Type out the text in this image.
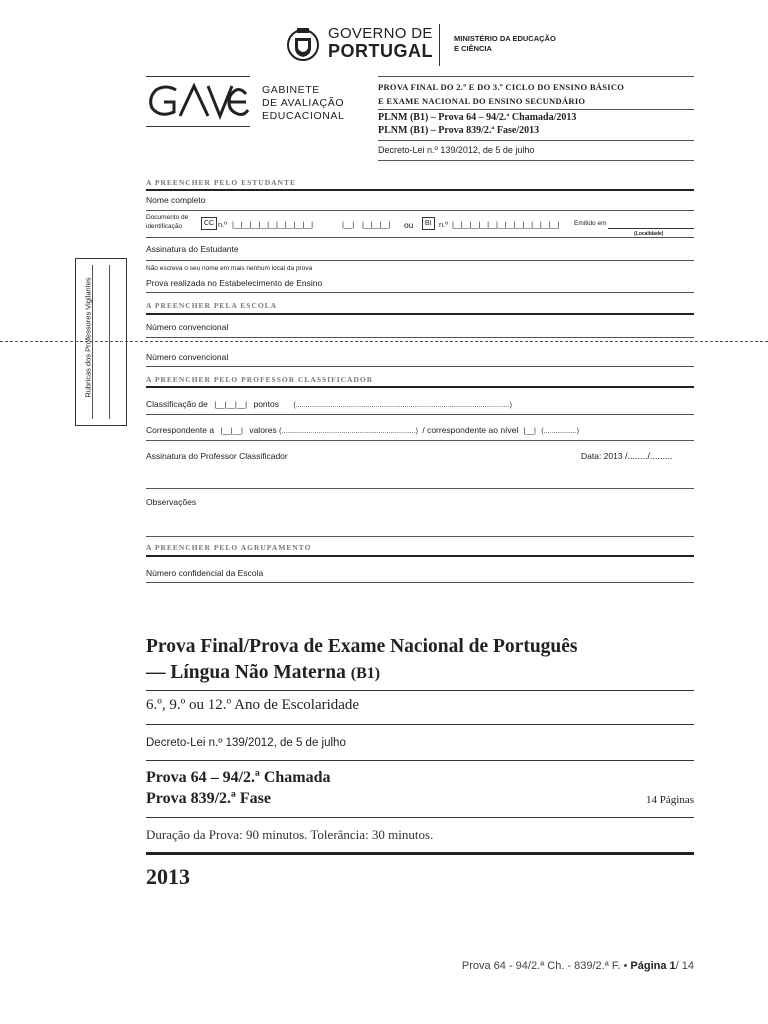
GOVERNO DE
PORTUGAL
MINISTÉRIO DA EDUCAÇÃO
E CIÊNCIA
GABINETE
DE AVALIAÇÃO
EDUCACIONAL
PROVA FINAL DO 2.º E DO 3.º CICLO DO ENSINO BÁSICO
E EXAME NACIONAL DO ENSINO SECUNDÁRIO
PLNM (B1) – Prova 64 – 94/2.ª Chamada/2013
PLNM (B1) – Prova 839/2.ª Fase/2013
Decreto-Lei n.º 139/2012, de 5 de julho
Rubricas dos Professores Vigilantes
A PREENCHER PELO ESTUDANTE
Nome completo
Documento de
identificação	CC n.º |__|__|__|__|__|__|__|__|__|	|__| |__|__|__| ou	BI n.º |__|__|__|__|__|__|__|__|__|__|__|__| Emitido em
(Localidade)
Assinatura do Estudante
Não escreva o seu nome em mais nenhum local da prova
Prova realizada no Estabelecimento de Ensino
A PREENCHER PELA ESCOLA
Número convencional
Número convencional
A PREENCHER PELO PROFESSOR CLASSIFICADOR
Classificação de |__|__|__| pontos (..............................................................................................................)
Correspondente a |__|__| valores (.....................................................................) / correspondente ao nível |__| (.................)
Assinatura do Professor Classificador	Data: 2013 /......../.........
Observações
A PREENCHER PELO AGRUPAMENTO
Número confidencial da Escola
Prova Final/Prova de Exame Nacional de Português
— Língua Não Materna (B1)
6.º, 9.º ou 12.º Ano de Escolaridade
Decreto-Lei n.º 139/2012, de 5 de julho
Prova 64 – 94/2.ª Chamada
Prova 839/2.ª Fase	14 Páginas
Duração da Prova: 90 minutos. Tolerância: 30 minutos.
2013
Prova 64 - 94/2.ª Ch. - 839/2.ª F. • Página 1/ 14
